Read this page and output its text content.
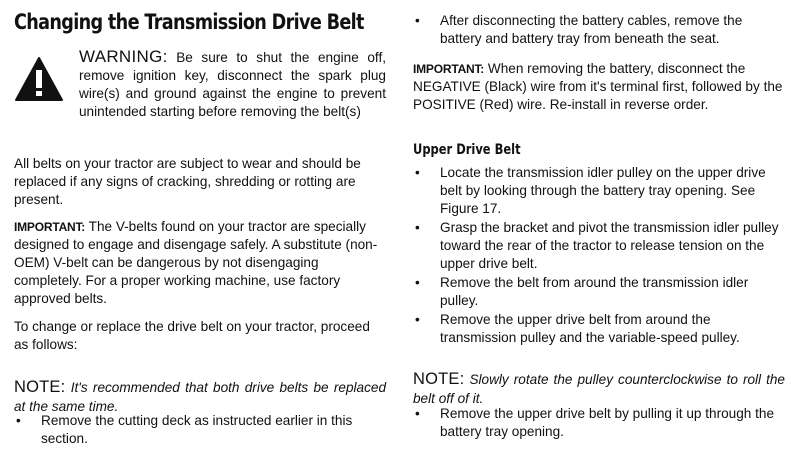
Changing the Transmission Drive Belt
WARNING: Be sure to shut the engine off, remove ignition key, disconnect the spark plug wire(s) and ground against the engine to prevent unintended starting before removing the belt(s)

All belts on your tractor are subject to wear and should be replaced if any signs of cracking, shredding or rotting are present.

IMPORTANT: The V-belts found on your tractor are specially designed to engage and disengage safely. A substitute (non-OEM) V-belt can be dangerous by not disengaging completely. For a proper working machine, use factory approved belts.

To change or replace the drive belt on your tractor, proceed as follows:

NOTE: It's recommended that both drive belts be replaced at the same time.

• Remove the cutting deck as instructed earlier in this section.
• After disconnecting the battery cables, remove the battery and battery tray from beneath the seat.

IMPORTANT: When removing the battery, disconnect the NEGATIVE (Black) wire from it's terminal first, followed by the POSITIVE (Red) wire. Re-install in reverse order.

Upper Drive Belt
• Locate the transmission idler pulley on the upper drive belt by looking through the battery tray opening. See Figure 17.
• Grasp the bracket and pivot the transmission idler pulley toward the rear of the tractor to release tension on the upper drive belt.
• Remove the belt from around the transmission idler pulley.
• Remove the upper drive belt from around the transmission pulley and the variable-speed pulley.

NOTE: Slowly rotate the pulley counterclockwise to roll the belt off of it.

• Remove the upper drive belt by pulling it up through the battery tray opening.
